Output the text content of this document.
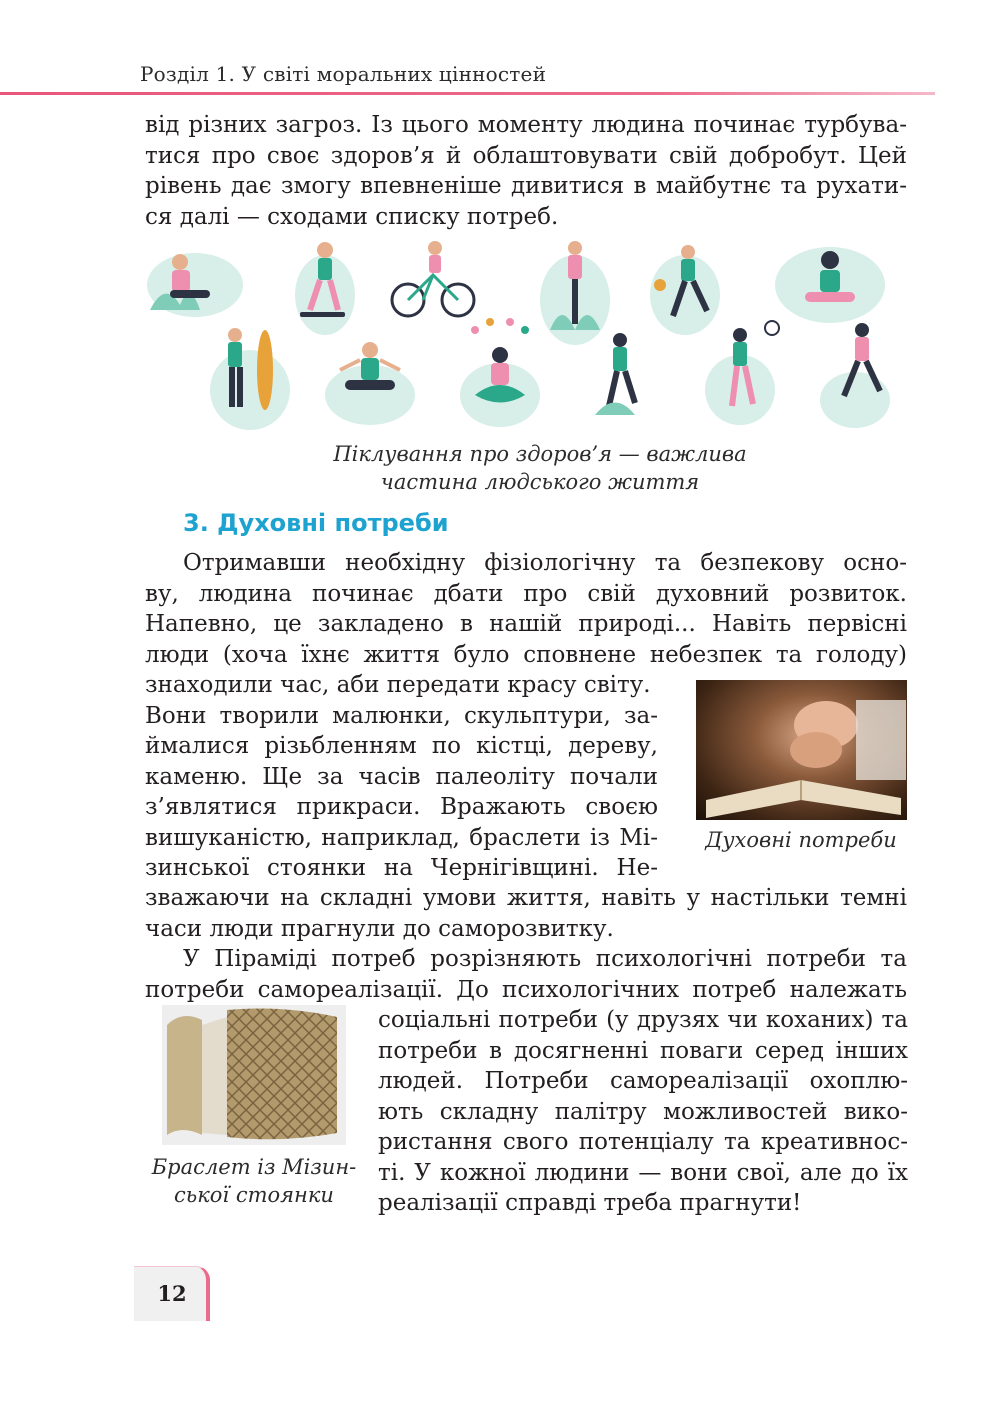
Розділ 1. У світі моральних цінностей

від різних загроз. Із цього моменту людина починає турбува-
тися про своє здоров’я й облаштовувати свій добробут. Цей
рівень дає змогу впевненіше дивитися в майбутнє та рухати-
ся далі — сходами списку потреб.

Піклування про здоров’я — важлива
частина людського життя
3. Духовні потреби

Отримавши необхідну фізіологічну та безпекову осно-
ву, людина починає дбати про свій духовний розвиток.
Напевно, це закладено в нашій природі... Навіть первісні
люди (хоча їхнє життя було сповнене небезпек та голоду)

знаходили час, аби передати красу світу.
Вони творили малюнки, скульптури, за-
ймалися різьбленням по кістці, дереву,
каменю. Ще за часів палеоліту почали
з’являтися прикраси. Вражають своєю
вишуканістю, наприклад, браслети із Мі-
зинської стоянки на Чернігівщині. Не-

Духовні потреби

зважаючи на складні умови життя, навіть у настільки темні
часи люди прагнули до саморозвитку.

У Піраміді потреб розрізняють психологічні потреби та
потреби самореалізації. До психологічних потреб належать

Браслет із Мізин-
ської стоянки

соціальні потреби (у друзях чи коханих) та
потреби в досягненні поваги серед інших
людей. Потреби самореалізації охоплю-
ють складну палітру можливостей вико-
ристання свого потенціалу та креативнос-
ті. У кожної людини — вони свої, але до їх
реалізації справді треба прагнути!

12
